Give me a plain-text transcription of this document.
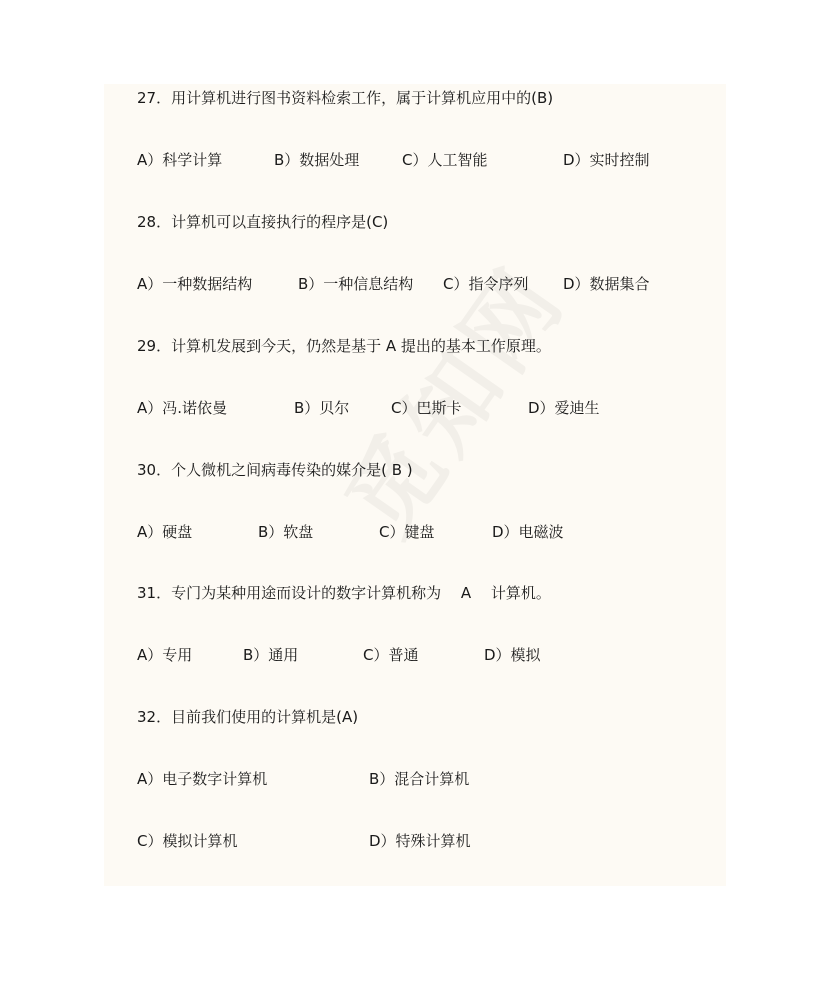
27．用计算机进行图书资料检索工作，属于计算机应用中的(B)
A）科学计算	B）数据处理	C）人工智能	D）实时控制
28．计算机可以直接执行的程序是(C)
A）一种数据结构	B）一种信息结构 C）指令序列 D）数据集合
29．计算机发展到今天，仍然是基于 A 提出的基本工作原理。
A）冯.诺依曼	B）贝尔	C）巴斯卡	D）爱迪生
30．个人微机之间病毒传染的媒介是( B )
A）硬盘	B）软盘	C）键盘	D）电磁波
31．专门为某种用途而设计的数字计算机称为　 A 　计算机。
A）专用	B）通用	C）普通	D）模拟
32．目前我们使用的计算机是(A)
A）电子数字计算机	B）混合计算机
C）模拟计算机	D）特殊计算机
